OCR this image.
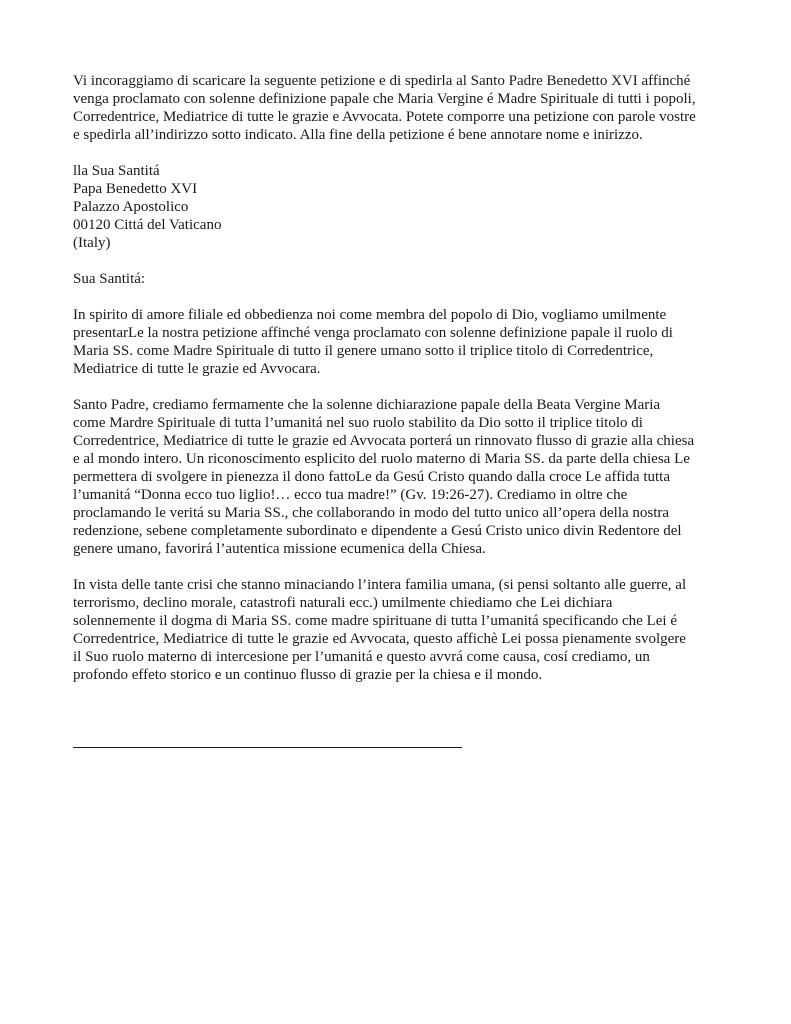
Vi incoraggiamo di scaricare la seguente petizione e di spedirla al Santo Padre Benedetto XVI affinché
venga proclamato con solenne definizione papale che Maria Vergine é Madre Spirituale di tutti i popoli,
Corredentrice, Mediatrice di tutte le grazie e Avvocata. Potete comporre una petizione con parole vostre
e spedirla all’indirizzo sotto indicato. Alla fine della petizione é bene annotare nome e inirizzo.
lla Sua Santitá
Papa Benedetto XVI
Palazzo Apostolico
00120 Cittá del Vaticano
(Italy)
Sua Santitá:
In spirito di amore filiale ed obbedienza noi come membra del popolo di Dio, vogliamo umilmente
presentarLe la nostra petizione affinché venga proclamato con solenne definizione papale il ruolo di
Maria SS. come Madre Spirituale di tutto il genere umano sotto il triplice titolo di Corredentrice,
Mediatrice di tutte le grazie ed Avvocara.
Santo Padre, crediamo fermamente che la solenne dichiarazione papale della Beata Vergine Maria
come Mardre Spirituale di tutta l’umanitá nel suo ruolo stabilito da Dio sotto il triplice titolo di
Corredentrice, Mediatrice di tutte le grazie ed Avvocata porterá un rinnovato flusso di grazie alla chiesa
e al mondo intero. Un riconoscimento esplicito del ruolo materno di Maria SS. da parte della chiesa Le
permettera di svolgere in pienezza il dono fattoLe da Gesú Cristo quando dalla croce Le affida tutta
l’umanitá “Donna ecco tuo liglio!… ecco tua madre!” (Gv. 19:26-27). Crediamo in oltre che
proclamando le veritá su Maria SS., che collaborando in modo del tutto unico all’opera della nostra
redenzione, sebene completamente subordinato e dipendente a Gesú Cristo unico divin Redentore del
genere umano, favorirá l’autentica missione ecumenica della Chiesa.
In vista delle tante crisi che stanno minaciando l’intera familia umana, (si pensi soltanto alle guerre, al
terrorismo, declino morale, catastrofi naturali ecc.) umilmente chiediamo che Lei dichiara
solennemente il dogma di Maria SS. come madre spirituane di tutta l’umanitá specificando che Lei é
Corredentrice, Mediatrice di tutte le grazie ed Avvocata, questo affichè Lei possa pienamente svolgere
il Suo ruolo materno di intercesione per l’umanitá e questo avvrá come causa, cosí crediamo, un
profondo effeto storico e un continuo flusso di grazie per la chiesa e il mondo.
